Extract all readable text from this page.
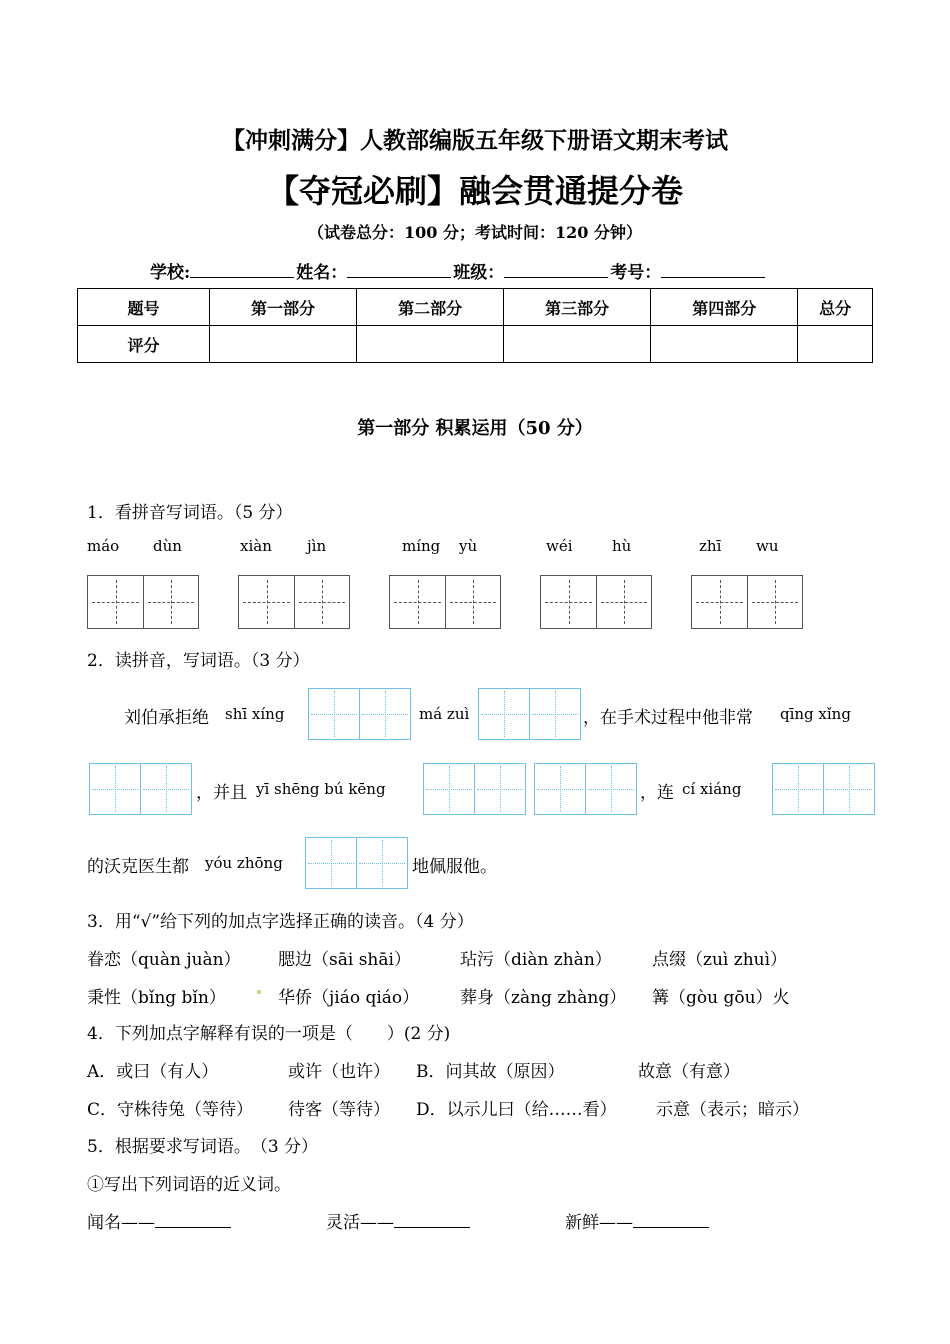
【冲刺满分】人教部编版五年级下册语文期末考试
【夺冠必刷】融会贯通提分卷
（试卷总分：100 分；考试时间：120 分钟）
学校:	姓名：	班级：	考号：
题号	第一部分	第二部分	第三部分	第四部分	总分
评分					
第一部分 积累运用（50 分）
1．看拼音写词语。（5 分）
máo dùn	xiàn jìn	míng yù	wéi	hù	zhī wu
2．读拼音，写词语。（3 分）
刘伯承拒绝 shī xíng	má zuì	，在手术过程中他非常 qīng xǐng
，并且 yī shēng bú kēng	，连 cí xiáng
的沃克医生都 yóu zhōng	地佩服他。
3．用“√”给下列的加点字选择正确的读音。（4 分）
眷恋（quàn juàn） 腮边（sāi shāi）	玷污（diàn zhàn） 点缀（zuì zhuì）
秉性（bǐng bǐn）	华侨（jiáo qiáo） 葬身（zàng zhàng） 篝（gòu gōu）火
4．下列加点字解释有误的一项是（　　）(2 分)
A．或曰（有人）	或许（也许） B．问其故（原因）	故意（有意）
C．守株待兔（等待） 待客（等待） D．以示儿曰（给……看） 示意（表示；暗示）
5．根据要求写词语。　（3 分）
①写出下列词语的近义词。
闻名——	灵活——	新鲜——
